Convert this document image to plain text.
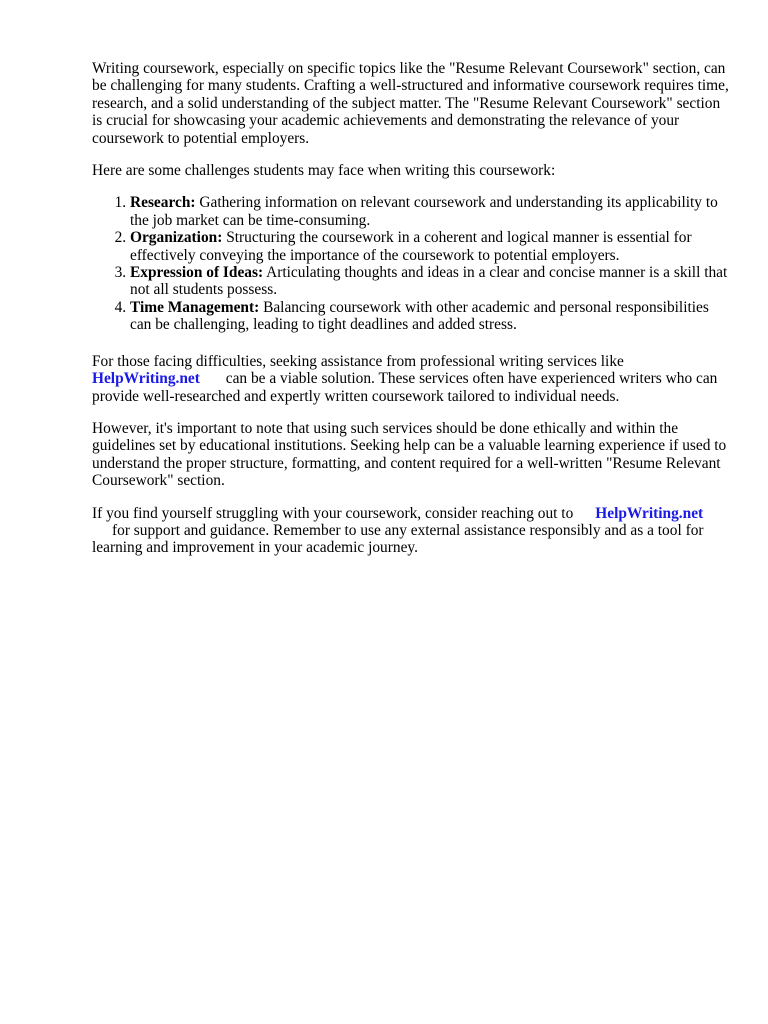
Writing coursework, especially on specific topics like the "Resume Relevant Coursework" section, can be challenging for many students. Crafting a well-structured and informative coursework requires time, research, and a solid understanding of the subject matter. The "Resume Relevant Coursework" section is crucial for showcasing your academic achievements and demonstrating the relevance of your coursework to potential employers.

Here are some challenges students may face when writing this coursework:

1. Research: Gathering information on relevant coursework and understanding its applicability to the job market can be time-consuming.
2. Organization: Structuring the coursework in a coherent and logical manner is essential for effectively conveying the importance of the coursework to potential employers.
3. Expression of Ideas: Articulating thoughts and ideas in a clear and concise manner is a skill that not all students possess.
4. Time Management: Balancing coursework with other academic and personal responsibilities can be challenging, leading to tight deadlines and added stress.

For those facing difficulties, seeking assistance from professional writing services like
HelpWriting.net can be a viable solution. These services often have experienced writers who can provide well-researched and expertly written coursework tailored to individual needs.

However, it's important to note that using such services should be done ethically and within the guidelines set by educational institutions. Seeking help can be a valuable learning experience if used to understand the proper structure, formatting, and content required for a well-written "Resume Relevant Coursework" section.

If you find yourself struggling with your coursework, consider reaching out to HelpWriting.net
for support and guidance. Remember to use any external assistance responsibly and as a tool for learning and improvement in your academic journey.
